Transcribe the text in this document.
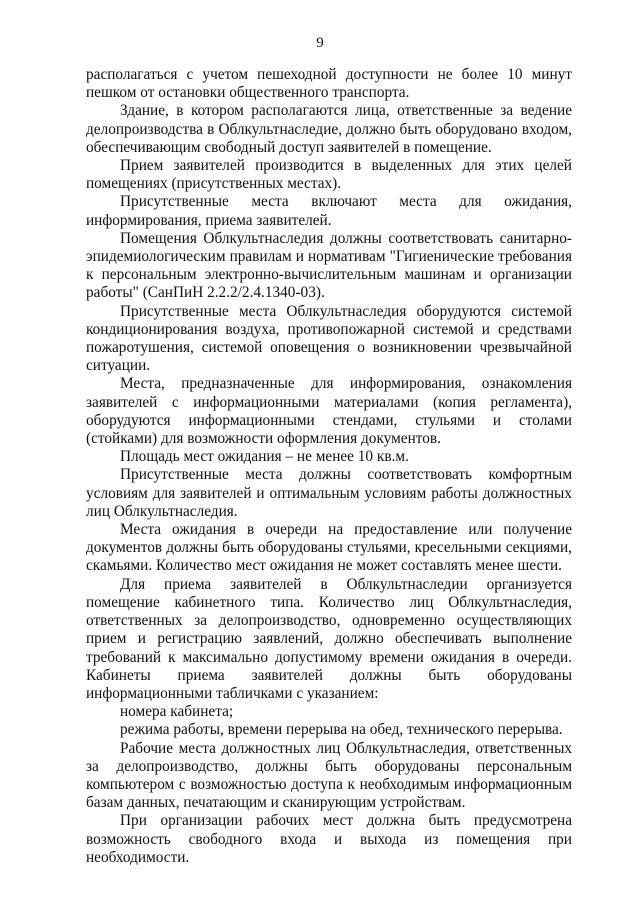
9

располагаться с учетом пешеходной доступности не более 10 минут пешком от остановки общественного транспорта.

Здание, в котором располагаются лица, ответственные за ведение делопроизводства в Облкультнаследие, должно быть оборудовано входом, обеспечивающим свободный доступ заявителей в помещение.

Прием заявителей производится в выделенных для этих целей помещениях (присутственных местах).

Присутственные места включают места для ожидания, информирования, приема заявителей.

Помещения Облкультнаследия должны соответствовать санитарно-эпидемиологическим правилам и нормативам "Гигиенические требования к персональным электронно-вычислительным машинам и организации работы" (СанПиН 2.2.2/2.4.1340-03).

Присутственные места Облкультнаследия оборудуются системой кондиционирования воздуха, противопожарной системой и средствами пожаротушения, системой оповещения о возникновении чрезвычайной ситуации.

Места, предназначенные для информирования, ознакомления заявителей с информационными материалами (копия регламента), оборудуются информационными стендами, стульями и столами (стойками) для возможности оформления документов.

Площадь мест ожидания – не менее 10 кв.м.

Присутственные места должны соответствовать комфортным условиям для заявителей и оптимальным условиям работы должностных лиц Облкультнаследия.

Места ожидания в очереди на предоставление или получение документов должны быть оборудованы стульями, кресельными секциями, скамьями. Количество мест ожидания не может составлять менее шести.

Для приема заявителей в Облкультнаследии организуется помещение кабинетного типа. Количество лиц Облкультнаследия, ответственных за делопроизводство, одновременно осуществляющих прием и регистрацию заявлений, должно обеспечивать выполнение требований к максимально допустимому времени ожидания в очереди. Кабинеты приема заявителей должны быть оборудованы информационными табличками с указанием:

номера кабинета;

режима работы, времени перерыва на обед, технического перерыва.

Рабочие места должностных лиц Облкультнаследия, ответственных за делопроизводство, должны быть оборудованы персональным компьютером с возможностью доступа к необходимым информационным базам данных, печатающим и сканирующим устройствам.

При организации рабочих мест должна быть предусмотрена возможность свободного входа и выхода из помещения при необходимости.
